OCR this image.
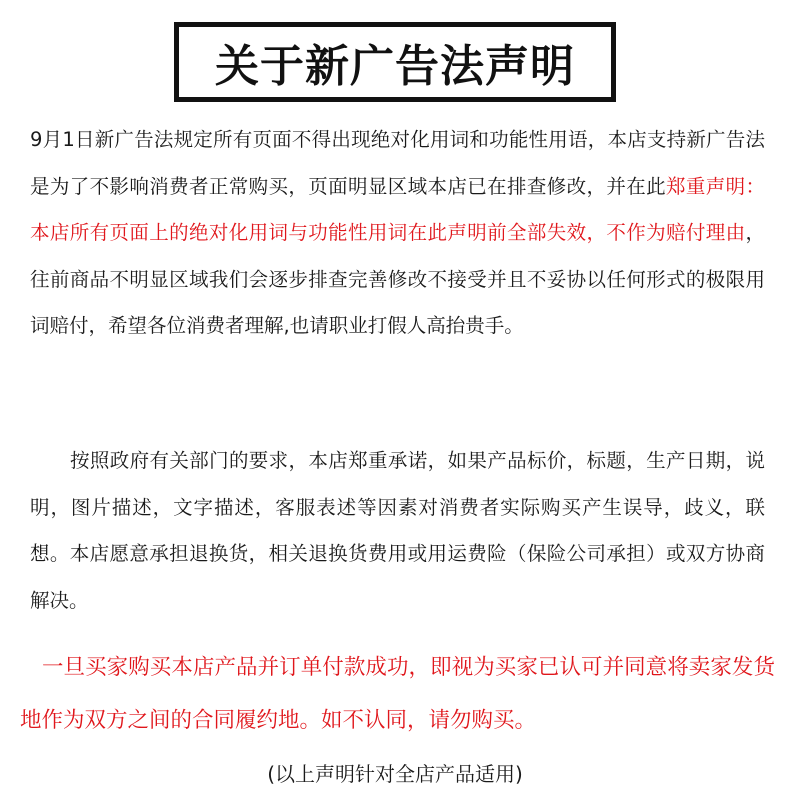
关于新广告法声明

9月1日新广告法规定所有页面不得出现绝对化用词和功能性用语，本店支持新广告法是为了不影响消费者正常购买，页面明显区域本店已在排查修改，并在此郑重声明：本店所有页面上的绝对化用词与功能性用词在此声明前全部失效，不作为赔付理由，往前商品不明显区域我们会逐步排查完善修改不接受并且不妥协以任何形式的极限用词赔付，希望各位消费者理解,也请职业打假人高抬贵手。

按照政府有关部门的要求，本店郑重承诺，如果产品标价，标题，生产日期，说明，图片描述，文字描述，客服表述等因素对消费者实际购买产生误导，歧义，联想。本店愿意承担退换货，相关退换货费用或用运费险（保险公司承担）或双方协商解决。

一旦买家购买本店产品并订单付款成功，即视为买家已认可并同意将卖家发货地作为双方之间的合同履约地。如不认同，请勿购买。

(以上声明针对全店产品适用)
